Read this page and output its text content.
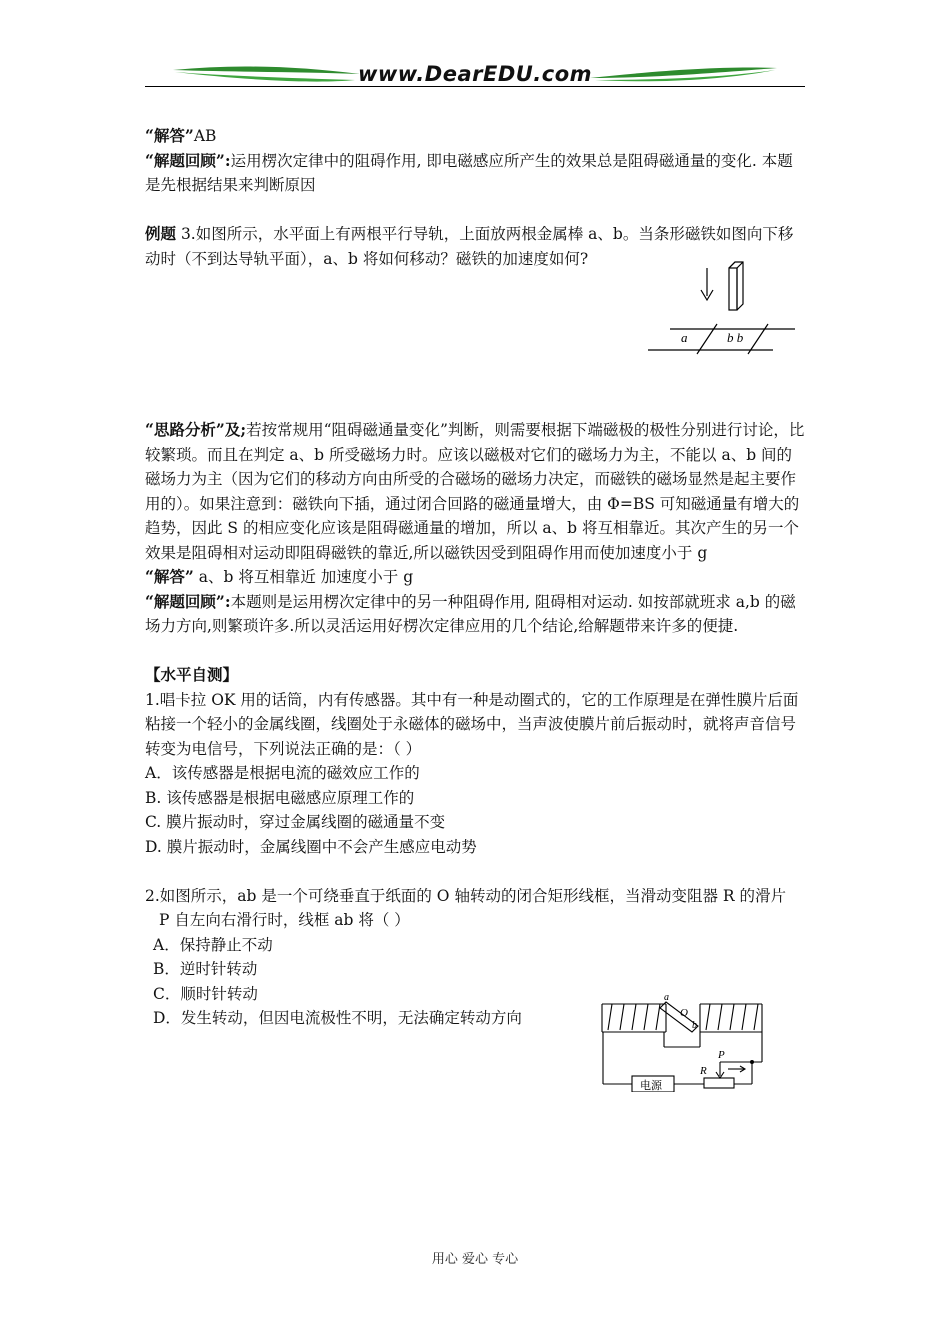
www.DearEDU.com

“解答”AB

“解题回顾”:运用楞次定律中的阻碍作用, 即电磁感应所产生的效果总是阻碍磁通量的变化. 本题是先根据结果来判断原因

例题 3.如图所示，水平面上有两根平行导轨，上面放两根金属棒 a、b。当条形磁铁如图向下移动时（不到达导轨平面），a、b 将如何移动？磁铁的加速度如何?

“思路分析”及;若按常规用“阻碍磁通量变化”判断，则需要根据下端磁极的极性分别进行讨论，比较繁琐。而且在判定 a、b 所受磁场力时。应该以磁极对它们的磁场力为主，不能以 a、b 间的磁场力为主（因为它们的移动方向由所受的合磁场的磁场力决定，而磁铁的磁场显然是起主要作用的）。如果注意到：磁铁向下插，通过闭合回路的磁通量增大，由 Φ=BS 可知磁通量有增大的趋势，因此 S 的相应变化应该是阻碍磁通量的增加，所以 a、b 将互相靠近。其次产生的另一个效果是阻碍相对运动即阻碍磁铁的靠近,所以磁铁因受到阻碍作用而使加速度小于 g

“解答” a、b 将互相靠近 加速度小于 g

“解题回顾”:本题则是运用楞次定律中的另一种阻碍作用, 阻碍相对运动. 如按部就班求 a,b 的磁场力方向,则繁琐许多.所以灵活运用好楞次定律应用的几个结论,给解题带来许多的便捷.

【水平自测】

1.唱卡拉 OK 用的话筒，内有传感器。其中有一种是动圈式的，它的工作原理是在弹性膜片后面粘接一个轻小的金属线圈，线圈处于永磁体的磁场中，当声波使膜片前后振动时，就将声音信号转变为电信号，下列说法正确的是：（ ）

A．该传感器是根据电流的磁效应工作的

B. 该传感器是根据电磁感应原理工作的

C. 膜片振动时，穿过金属线圈的磁通量不变

D. 膜片振动时，金属线圈中不会产生感应电动势

2.如图所示，ab 是一个可绕垂直于纸面的 O 轴转动的闭合矩形线框，当滑动变阻器 R 的滑片

P 自左向右滑行时，线框 ab 将（ ）

A．保持静止不动

B．逆时针转动

C．顺时针转动

D．发生转动，但因电流极性不明，无法确定转动方向

a	b b
a
O
b
P
R
电源
用心 爱心 专心
